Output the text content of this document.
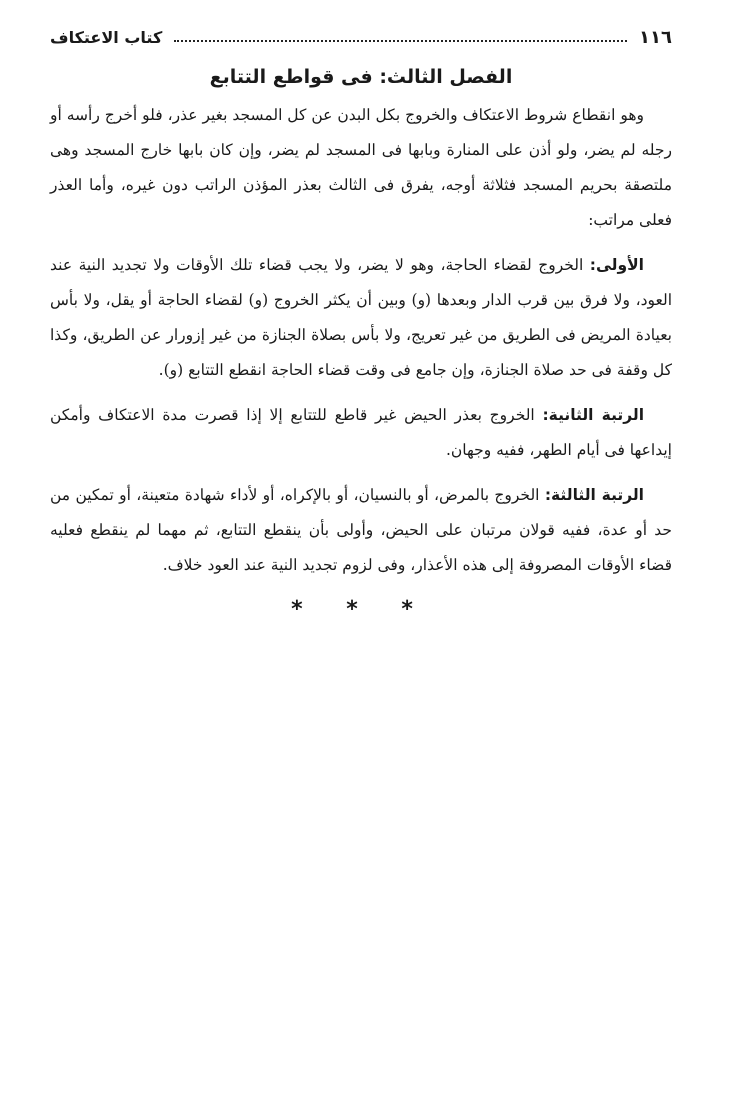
١١٦
كتاب الاعتكاف
الفصل الثالث: فى قواطع التتابع

وهو انقطاع شروط الاعتكاف والخروج بكل البدن عن كل المسجد بغير عذر، فلو أخرج رأسه أو رجله لم يضر، ولو أذن على المنارة وبابها فى المسجد لم يضر، وإن كان بابها خارج المسجد وهى ملتصقة بحريم المسجد فثلاثة أوجه، يفرق فى الثالث بعذر المؤذن الراتب دون غيره، وأما العذر فعلى مراتب:

الأولى: الخروج لقضاء الحاجة، وهو لا يضر، ولا يجب قضاء تلك الأوقات ولا تجديد النية عند العود، ولا فرق بين قرب الدار وبعدها (و) وبين أن يكثر الخروج (و) لقضاء الحاجة أو يقل، ولا بأس بعيادة المريض فى الطريق من غير تعريج، ولا بأس بصلاة الجنازة من غير إزورار عن الطريق، وكذا كل وقفة فى حد صلاة الجنازة، وإن جامع فى وقت قضاء الحاجة انقطع التتابع (و).

الرتبة الثانية: الخروج بعذر الحيض غير قاطع للتتابع إلا إذا قصرت مدة الاعتكاف وأمكن إيداعها فى أيام الطهر، ففيه وجهان.

الرتبة الثالثة: الخروج بالمرض، أو بالنسيان، أو بالإكراه، أو لأداء شهادة متعينة، أو تمكين من حد أو عدة، ففيه قولان مرتبان على الحيض، وأولى بأن ينقطع التتابع، ثم مهما لم ينقطع فعليه قضاء الأوقات المصروفة إلى هذه الأعذار، وفى لزوم تجديد النية عند العود خلاف.

* * *
